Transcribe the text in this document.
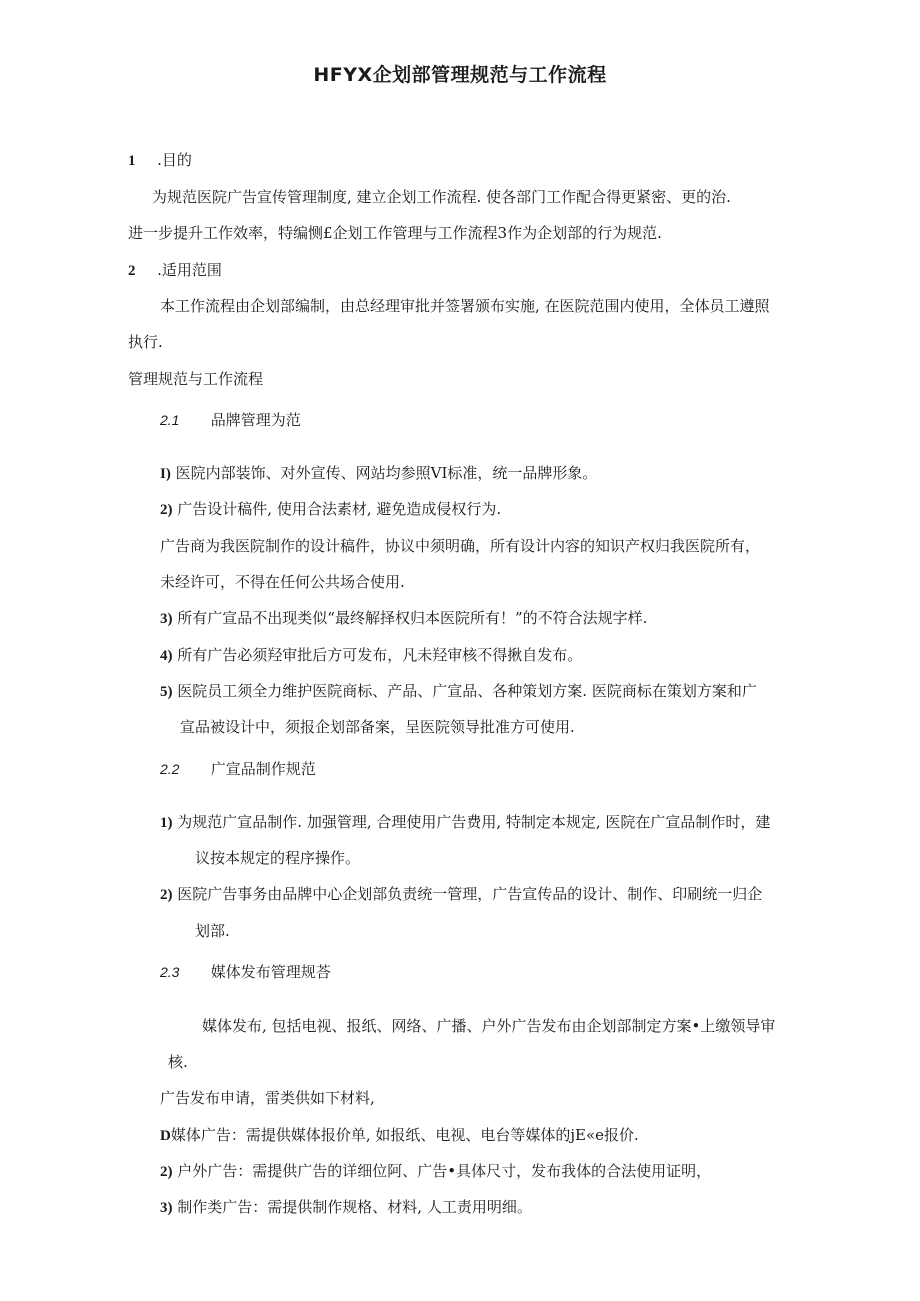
HFYX企划部管理规范与工作流程
1 .目的
为规范医院广告宣传管理制度, 建立企划工作流程. 使各部门工作配合得更紧密、更的治.
进一步提升工作效率，特编恻£企划工作管理与工作流程3作为企划部的行为规范.
2 .适用范围
本工作流程由企划部编制，由总经理审批并签署颁布实施, 在医院范围内使用，全体员工遵照
执行.
管理规范与工作流程
2.1 品牌管理为范
I) 医院内部装饰、对外宣传、网站均参照VI标准，统一品牌形象。
2) 广告设计稿件, 使用合法素材, 避免造成侵权行为.
广告商为我医院制作的设计稿件，协议中须明确，所有设计内容的知识产权归我医院所有，
未经许可，不得在任何公共场合使用.
3) 所有广宣品不出现类似“最终解择权归本医院所有！”的不符合法规字样.
4) 所有广告必须羟审批后方可发布，凡未羟审核不得揪自发布。
5) 医院员工须全力维护医院商标、产品、广宣品、各种策划方案. 医院商标在策划方案和广
宣品被设计中，须报企划部备案，呈医院领导批准方可使用.
2.2 广宣品制作规范
1) 为规范广宣品制作. 加强管理, 合理使用广告费用, 特制定本规定, 医院在广宣品制作时，建
议按本规定的程序操作。
2) 医院广告事务由品牌中心企划部负责统一管理，广告宣传品的设计、制作、印刷统一归企
划部.
2.3 媒体发布管理规荅
媒体发布, 包括电视、报纸、网络、广播、户外广告发布由企划部制定方案•上缴领导审
核.
广告发布申请，雷类供如下材料,
D媒体广告：需提供媒体报价单, 如报纸、电视、电台等媒体的jE«e报价.
2) 户外广告：需提供广告的详细位阿、广告•具体尺寸，发布我体的合法使用证明，
3) 制作类广告：需提供制作规格、材料, 人工责用明细。
